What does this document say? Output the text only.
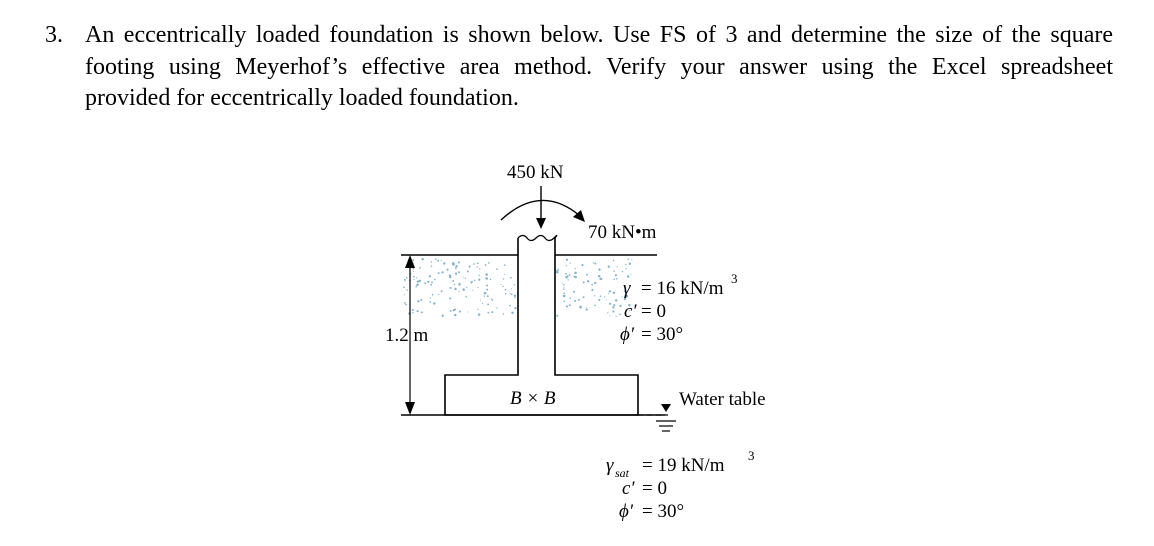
3. An eccentrically loaded foundation is shown below. Use FS of 3 and determine the size of the square
footing using Meyerhof’s effective area method. Verify your answer using the Excel spreadsheet
provided for eccentrically loaded foundation.
450 kN
70 kN•m
1.2 m
B × B	Water table
γ = 16 kN/m 3
c′ = 0
ϕ′ = 30°
γ sat = 19 kN/m 3
c′ = 0
ϕ′ = 30°
